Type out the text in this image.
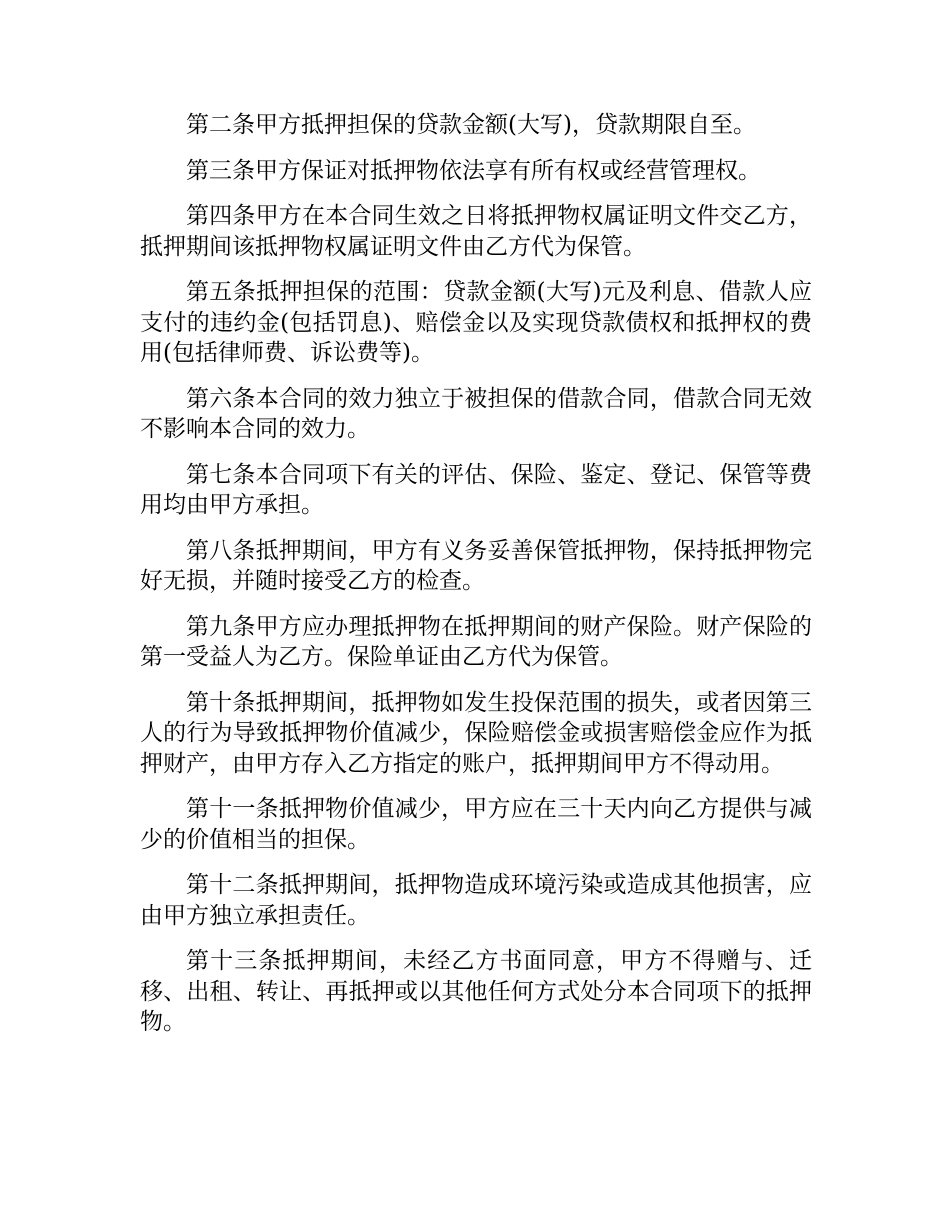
第二条甲方抵押担保的贷款金额(大写)，贷款期限自至。

第三条甲方保证对抵押物依法享有所有权或经营管理权。

第四条甲方在本合同生效之日将抵押物权属证明文件交乙方，抵押期间该抵押物权属证明文件由乙方代为保管。

第五条抵押担保的范围：贷款金额(大写)元及利息、借款人应支付的违约金(包括罚息)、赔偿金以及实现贷款债权和抵押权的费用(包括律师费、诉讼费等)。

第六条本合同的效力独立于被担保的借款合同，借款合同无效不影响本合同的效力。

第七条本合同项下有关的评估、保险、鉴定、登记、保管等费用均由甲方承担。

第八条抵押期间，甲方有义务妥善保管抵押物，保持抵押物完好无损，并随时接受乙方的检查。

第九条甲方应办理抵押物在抵押期间的财产保险。财产保险的第一受益人为乙方。保险单证由乙方代为保管。

第十条抵押期间，抵押物如发生投保范围的损失，或者因第三人的行为导致抵押物价值减少，保险赔偿金或损害赔偿金应作为抵押财产，由甲方存入乙方指定的账户，抵押期间甲方不得动用。

第十一条抵押物价值减少，甲方应在三十天内向乙方提供与减少的价值相当的担保。

第十二条抵押期间，抵押物造成环境污染或造成其他损害，应由甲方独立承担责任。

第十三条抵押期间，未经乙方书面同意，甲方不得赠与、迁移、出租、转让、再抵押或以其他任何方式处分本合同项下的抵押物。
